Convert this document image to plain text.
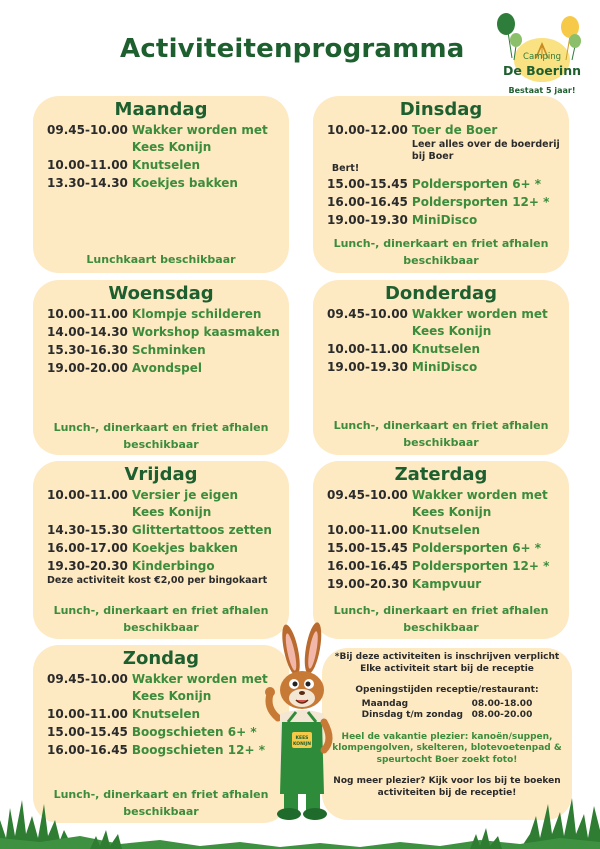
Activiteitenprogramma	Camping
De Boerinn
Bestaat 5 jaar!
Maandag
09.45-10.00 Wakker worden met
Kees Konijn
10.00-11.00 Knutselen
13.30-14.30 Koekjes bakken
Lunchkaart beschikbaar
Dinsdag
10.00-12.00 Toer de Boer
Leer alles over de boerderij bij Boer
Bert!
15.00-15.45 Poldersporten 6+ *
16.00-16.45 Poldersporten 12+ *
19.00-19.30 MiniDisco
Lunch-, dinerkaart en friet afhalen
beschikbaar
Woensdag
10.00-11.00 Klompje schilderen
14.00-14.30 Workshop kaasmaken
15.30-16.30 Schminken
19.00-20.00 Avondspel
Lunch-, dinerkaart en friet afhalen
beschikbaar
Donderdag
09.45-10.00 Wakker worden met
Kees Konijn
10.00-11.00 Knutselen
19.00-19.30 MiniDisco
Lunch-, dinerkaart en friet afhalen
beschikbaar
Vrijdag
10.00-11.00 Versier je eigen
Kees Konijn
14.30-15.30 Glittertattoos zetten
16.00-17.00 Koekjes bakken
19.30-20.30 Kinderbingo
Deze activiteit kost €2,00 per bingokaart
Lunch-, dinerkaart en friet afhalen
beschikbaar
Zaterdag
09.45-10.00 Wakker worden met
Kees Konijn
10.00-11.00 Knutselen
15.00-15.45 Poldersporten 6+ *
16.00-16.45 Poldersporten 12+ *
19.00-20.30 Kampvuur
Lunch-, dinerkaart en friet afhalen
beschikbaar
Zondag
09.45-10.00 Wakker worden met
Kees Konijn
10.00-11.00 Knutselen
15.00-15.45 Boogschieten 6+ *
16.00-16.45 Boogschieten 12+ *
Lunch-, dinerkaart en friet afhalen
beschikbaar
*Bij deze activiteiten is inschrijven verplicht
Elke activiteit start bij de receptie
Openingstijden receptie/restaurant:
Maandag	08.00-18.00
Dinsdag t/m zondag 08.00-20.00
Heel de vakantie plezier: kanoën/suppen,
klompengolven, skelteren, blotevoetenpad &
speurtocht Boer zoekt foto!
Nog meer plezier? Kijk voor los bij te boeken
activiteiten bij de receptie!
KEES
KONIJN
